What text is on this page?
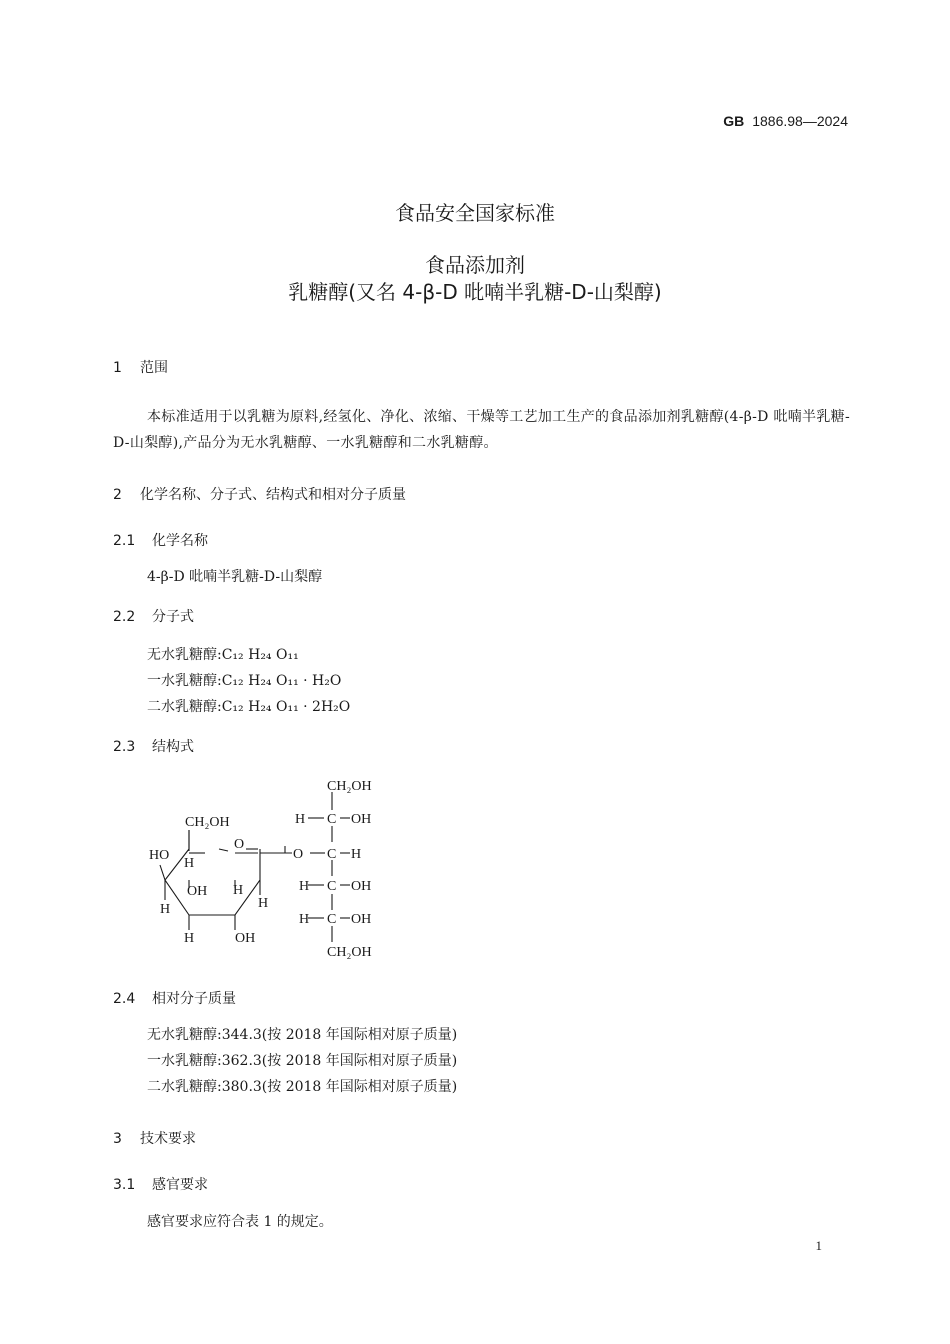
GB 1886.98—2024
食品安全国家标准
食品添加剂
乳糖醇(又名 4-β-D 吡喃半乳糖-D-山梨醇)
1 范围
本标准适用于以乳糖为原料,经氢化、净化、浓缩、干燥等工艺加工生产的食品添加剂乳糖醇(4-β-D 吡喃半乳糖-D-山梨醇),产品分为无水乳糖醇、一水乳糖醇和二水乳糖醇。
2 化学名称、分子式、结构式和相对分子质量
2.1 化学名称
4-β-D 吡喃半乳糖-D-山梨醇
2.2 分子式
无水乳糖醇:C₁₂ H₂₄ O₁₁
一水乳糖醇:C₁₂ H₂₄ O₁₁ · H₂O
二水乳糖醇:C₁₂ H₂₄ O₁₁ · 2H₂O
2.3 结构式
CH₂OH
O
HO
H
H
OH H
H
H	OH
O
CH₂OH
H C OH
C H
H C OH
H C OH
CH₂OH
2.4 相对分子质量
无水乳糖醇:344.3(按 2018 年国际相对原子质量)
一水乳糖醇:362.3(按 2018 年国际相对原子质量)
二水乳糖醇:380.3(按 2018 年国际相对原子质量)
3 技术要求
3.1 感官要求
感官要求应符合表 1 的规定。
1
